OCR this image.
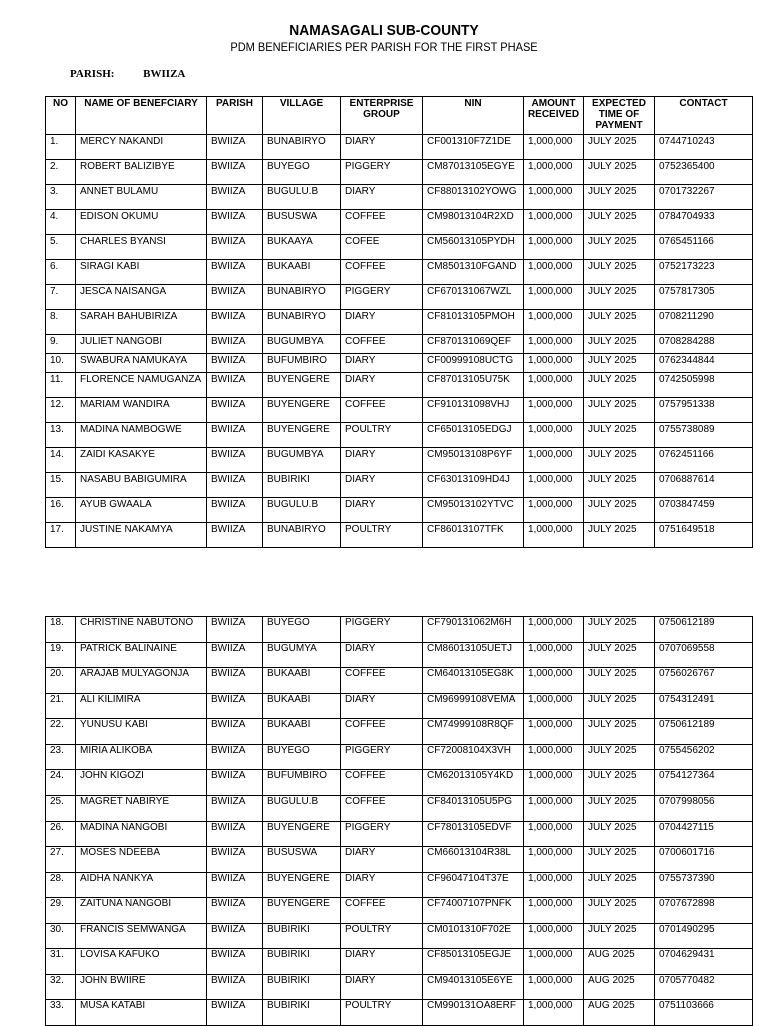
NAMASAGALI SUB-COUNTY
PDM BENEFICIARIES PER PARISH FOR THE FIRST PHASE
PARISH:	BWIIZA
NO	NAME OF BENEFCIARY	PARISH	VILLAGE	ENTERPRISE GROUP	NIN	AMOUNT RECEIVED	EXPECTED TIME OF PAYMENT	CONTACT
1.	MERCY NAKANDI	BWIIZA	BUNABIRYO	DIARY	CF001310F7Z1DE	1,000,000	JULY 2025	0744710243
2.	ROBERT BALIZIBYE	BWIIZA	BUYEGO	PIGGERY	CM87013105EGYE	1,000,000	JULY 2025	0752365400
3.	ANNET BULAMU	BWIIZA	BUGULU.B	DIARY	CF88013102YOWG	1,000,000	JULY 2025	0701732267
4.	EDISON OKUMU	BWIIZA	BUSUSWA	COFFEE	CM98013104R2XD	1,000,000	JULY 2025	0784704933
5.	CHARLES BYANSI	BWIIZA	BUKAAYA	COFEE	CM56013105PYDH	1,000,000	JULY 2025	0765451166
6.	SIRAGI KABI	BWIIZA	BUKAABI	COFFEE	CM8501310FGAND	1,000,000	JULY 2025	0752173223
7.	JESCA NAISANGA	BWIIZA	BUNABIRYO	PIGGERY	CF670131067WZL	1,000,000	JULY 2025	0757817305
8.	SARAH BAHUBIRIZA	BWIIZA	BUNABIRYO	DIARY	CF81013105PMOH	1,000,000	JULY 2025	0708211290
9.	JULIET NANGOBI	BWIIZA	BUGUMBYA	COFFEE	CF870131069QEF	1,000,000	JULY 2025	0708284288
10.	SWABURA NAMUKAYA	BWIIZA	BUFUMBIRO	DIARY	CF00999108UCTG	1,000,000	JULY 2025	0762344844
11.	FLORENCE NAMUGANZA	BWIIZA	BUYENGERE	DIARY	CF87013105U75K	1,000,000	JULY 2025	0742505998
12.	MARIAM WANDIRA	BWIIZA	BUYENGERE	COFFEE	CF910131098VHJ	1,000,000	JULY 2025	0757951338
13.	MADINA NAMBOGWE	BWIIZA	BUYENGERE	POULTRY	CF65013105EDGJ	1,000,000	JULY 2025	0755738089
14.	ZAIDI KASAKYE	BWIIZA	BUGUMBYA	DIARY	CM95013108P6YF	1,000,000	JULY 2025	0762451166
15.	NASABU BABIGUMIRA	BWIIZA	BUBIRIKI	DIARY	CF63013109HD4J	1,000,000	JULY 2025	0706887614
16.	AYUB GWAALA	BWIIZA	BUGULU.B	DIARY	CM95013102YTVC	1,000,000	JULY 2025	0703847459
17.	JUSTINE NAKAMYA	BWIIZA	BUNABIRYO	POULTRY	CF86013107TFK	1,000,000	JULY 2025	0751649518
18.	CHRISTINE NABUTONO	BWIIZA	BUYEGO	PIGGERY	CF790131062M6H	1,000,000	JULY 2025	0750612189
19.	PATRICK BALINAINE	BWIIZA	BUGUMYA	DIARY	CM86013105UETJ	1,000,000	JULY 2025	0707069558
20.	ARAJAB MULYAGONJA	BWIIZA	BUKAABI	COFFEE	CM64013105EG8K	1,000,000	JULY 2025	0756026767
21.	ALI KILIMIRA	BWIIZA	BUKAABI	DIARY	CM96999108VEMA	1,000,000	JULY 2025	0754312491
22.	YUNUSU KABI	BWIIZA	BUKAABI	COFFEE	CM74999108R8QF	1,000,000	JULY 2025	0750612189
23.	MIRIA ALIKOBA	BWIIZA	BUYEGO	PIGGERY	CF72008104X3VH	1,000,000	JULY 2025	0755456202
24.	JOHN KIGOZI	BWIIZA	BUFUMBIRO	COFFEE	CM62013105Y4KD	1,000,000	JULY 2025	0754127364
25.	MAGRET NABIRYE	BWIIZA	BUGULU.B	COFFEE	CF84013105U5PG	1,000,000	JULY 2025	0707998056
26.	MADINA NANGOBI	BWIIZA	BUYENGERE	PIGGERY	CF78013105EDVF	1,000,000	JULY 2025	0704427115
27.	MOSES NDEEBA	BWIIZA	BUSUSWA	DIARY	CM66013104R38L	1,000,000	JULY 2025	0700601716
28.	AIDHA NANKYA	BWIIZA	BUYENGERE	DIARY	CF96047104T37E	1,000,000	JULY 2025	0755737390
29.	ZAITUNA NANGOBI	BWIIZA	BUYENGERE	COFFEE	CF74007107PNFK	1,000,000	JULY 2025	0707672898
30.	FRANCIS SEMWANGA	BWIIZA	BUBIRIKI	POULTRY	CM0101310F702E	1,000,000	JULY 2025	0701490295
31.	LOVISA KAFUKO	BWIIZA	BUBIRIKI	DIARY	CF85013105EGJE	1,000,000	AUG 2025	0704629431
32.	JOHN BWIIRE	BWIIZA	BUBIRIKI	DIARY	CM94013105E6YE	1,000,000	AUG 2025	0705770482
33.	MUSA KATABI	BWIIZA	BUBIRIKI	POULTRY	CM990131OA8ERF	1,000,000	AUG 2025	0751103666
